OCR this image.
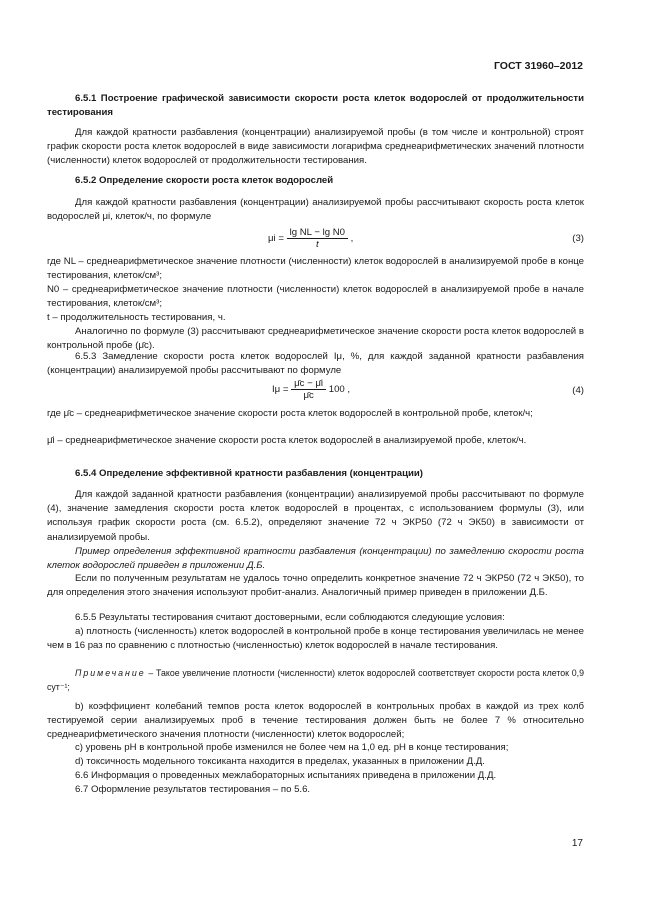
ГОСТ 31960–2012
6.5.1 Построение графической зависимости скорости роста клеток водорослей от продолжительности тестирования
Для каждой кратности разбавления (концентрации) анализируемой пробы (в том числе и контрольной) строят график скорости роста клеток водорослей в виде зависимости логарифма среднеарифметических значений плотности (численности) клеток водорослей от продолжительности тестирования.
6.5.2 Определение скорости роста клеток водорослей
Для каждой кратности разбавления (концентрации) анализируемой пробы рассчитывают скорость роста клеток водорослей μi, клеток/ч, по формуле
$\mu i = \frac{\text{lg NL − lg N0}}{t}$ ,	(3)
где NL – среднеарифметическое значение плотности (численности) клеток водорослей в анализируемой пробе в конце тестирования, клеток/см³;
N0 – среднеарифметическое значение плотности (численности) клеток водорослей в анализируемой пробе в начале тестирования, клеток/см³;
t – продолжительность тестирования, ч.
Аналогично по формуле (3) рассчитывают среднеарифметическое значение скорости роста клеток водорослей в контрольной пробе (μ̄c).
6.5.3 Замедление скорости роста клеток водорослей Iμ, %, для каждой заданной кратности разбавления (концентрации) анализируемой пробы рассчитывают по формуле
$I\mu = \frac{\mūc - \mūi}{\mūc} 100$ ,	(4)
где μ̄c – среднеарифметическое значение скорости роста клеток водорослей в контрольной пробе, клеток/ч;
μ̄i – среднеарифметическое значение скорости роста клеток водорослей в анализируемой пробе, клеток/ч.
6.5.4 Определение эффективной кратности разбавления (концентрации)
Для каждой заданной кратности разбавления (концентрации) анализируемой пробы рассчитывают по формуле (4), значение замедления скорости роста клеток водорослей в процентах, с использованием формулы (3), или используя график скорости роста (см. 6.5.2), определяют значение 72 ч ЭКР50 (72 ч ЭК50) в зависимости от анализируемой пробы.
Пример определения эффективной кратности разбавления (концентрации) по замедлению скорости роста клеток водорослей приведен в приложении Д.Б.
Если по полученным результатам не удалось точно определить конкретное значение 72 ч ЭКР50 (72 ч ЭК50), то для определения этого значения используют пробит-анализ. Аналогичный пример приведен в приложении Д.Б.
6.5.5 Результаты тестирования считают достоверными, если соблюдаются следующие условия:
а) плотность (численность) клеток водорослей в контрольной пробе в конце тестирования увеличилась не менее чем в 16 раз по сравнению с плотностью (численностью) клеток водорослей в начале тестирования.
Примечание – Такое увеличение плотности (численности) клеток водорослей соответствует скорости роста клеток 0,9 сут⁻¹;
b) коэффициент колебаний темпов роста клеток водорослей в контрольных пробах в каждой из трех колб тестируемой серии анализируемых проб в течение тестирования должен быть не более 7 % относительно среднеарифметического значения плотности (численности) клеток водорослей;
c) уровень pH в контрольной пробе изменился не более чем на 1,0 ед. pH в конце тестирования;
d) токсичность модельного токсиканта находится в пределах, указанных в приложении Д.Д.
6.6 Информация о проведенных межлабораторных испытаниях приведена в приложении Д.Д.
6.7 Оформление результатов тестирования – по 5.6.
17
